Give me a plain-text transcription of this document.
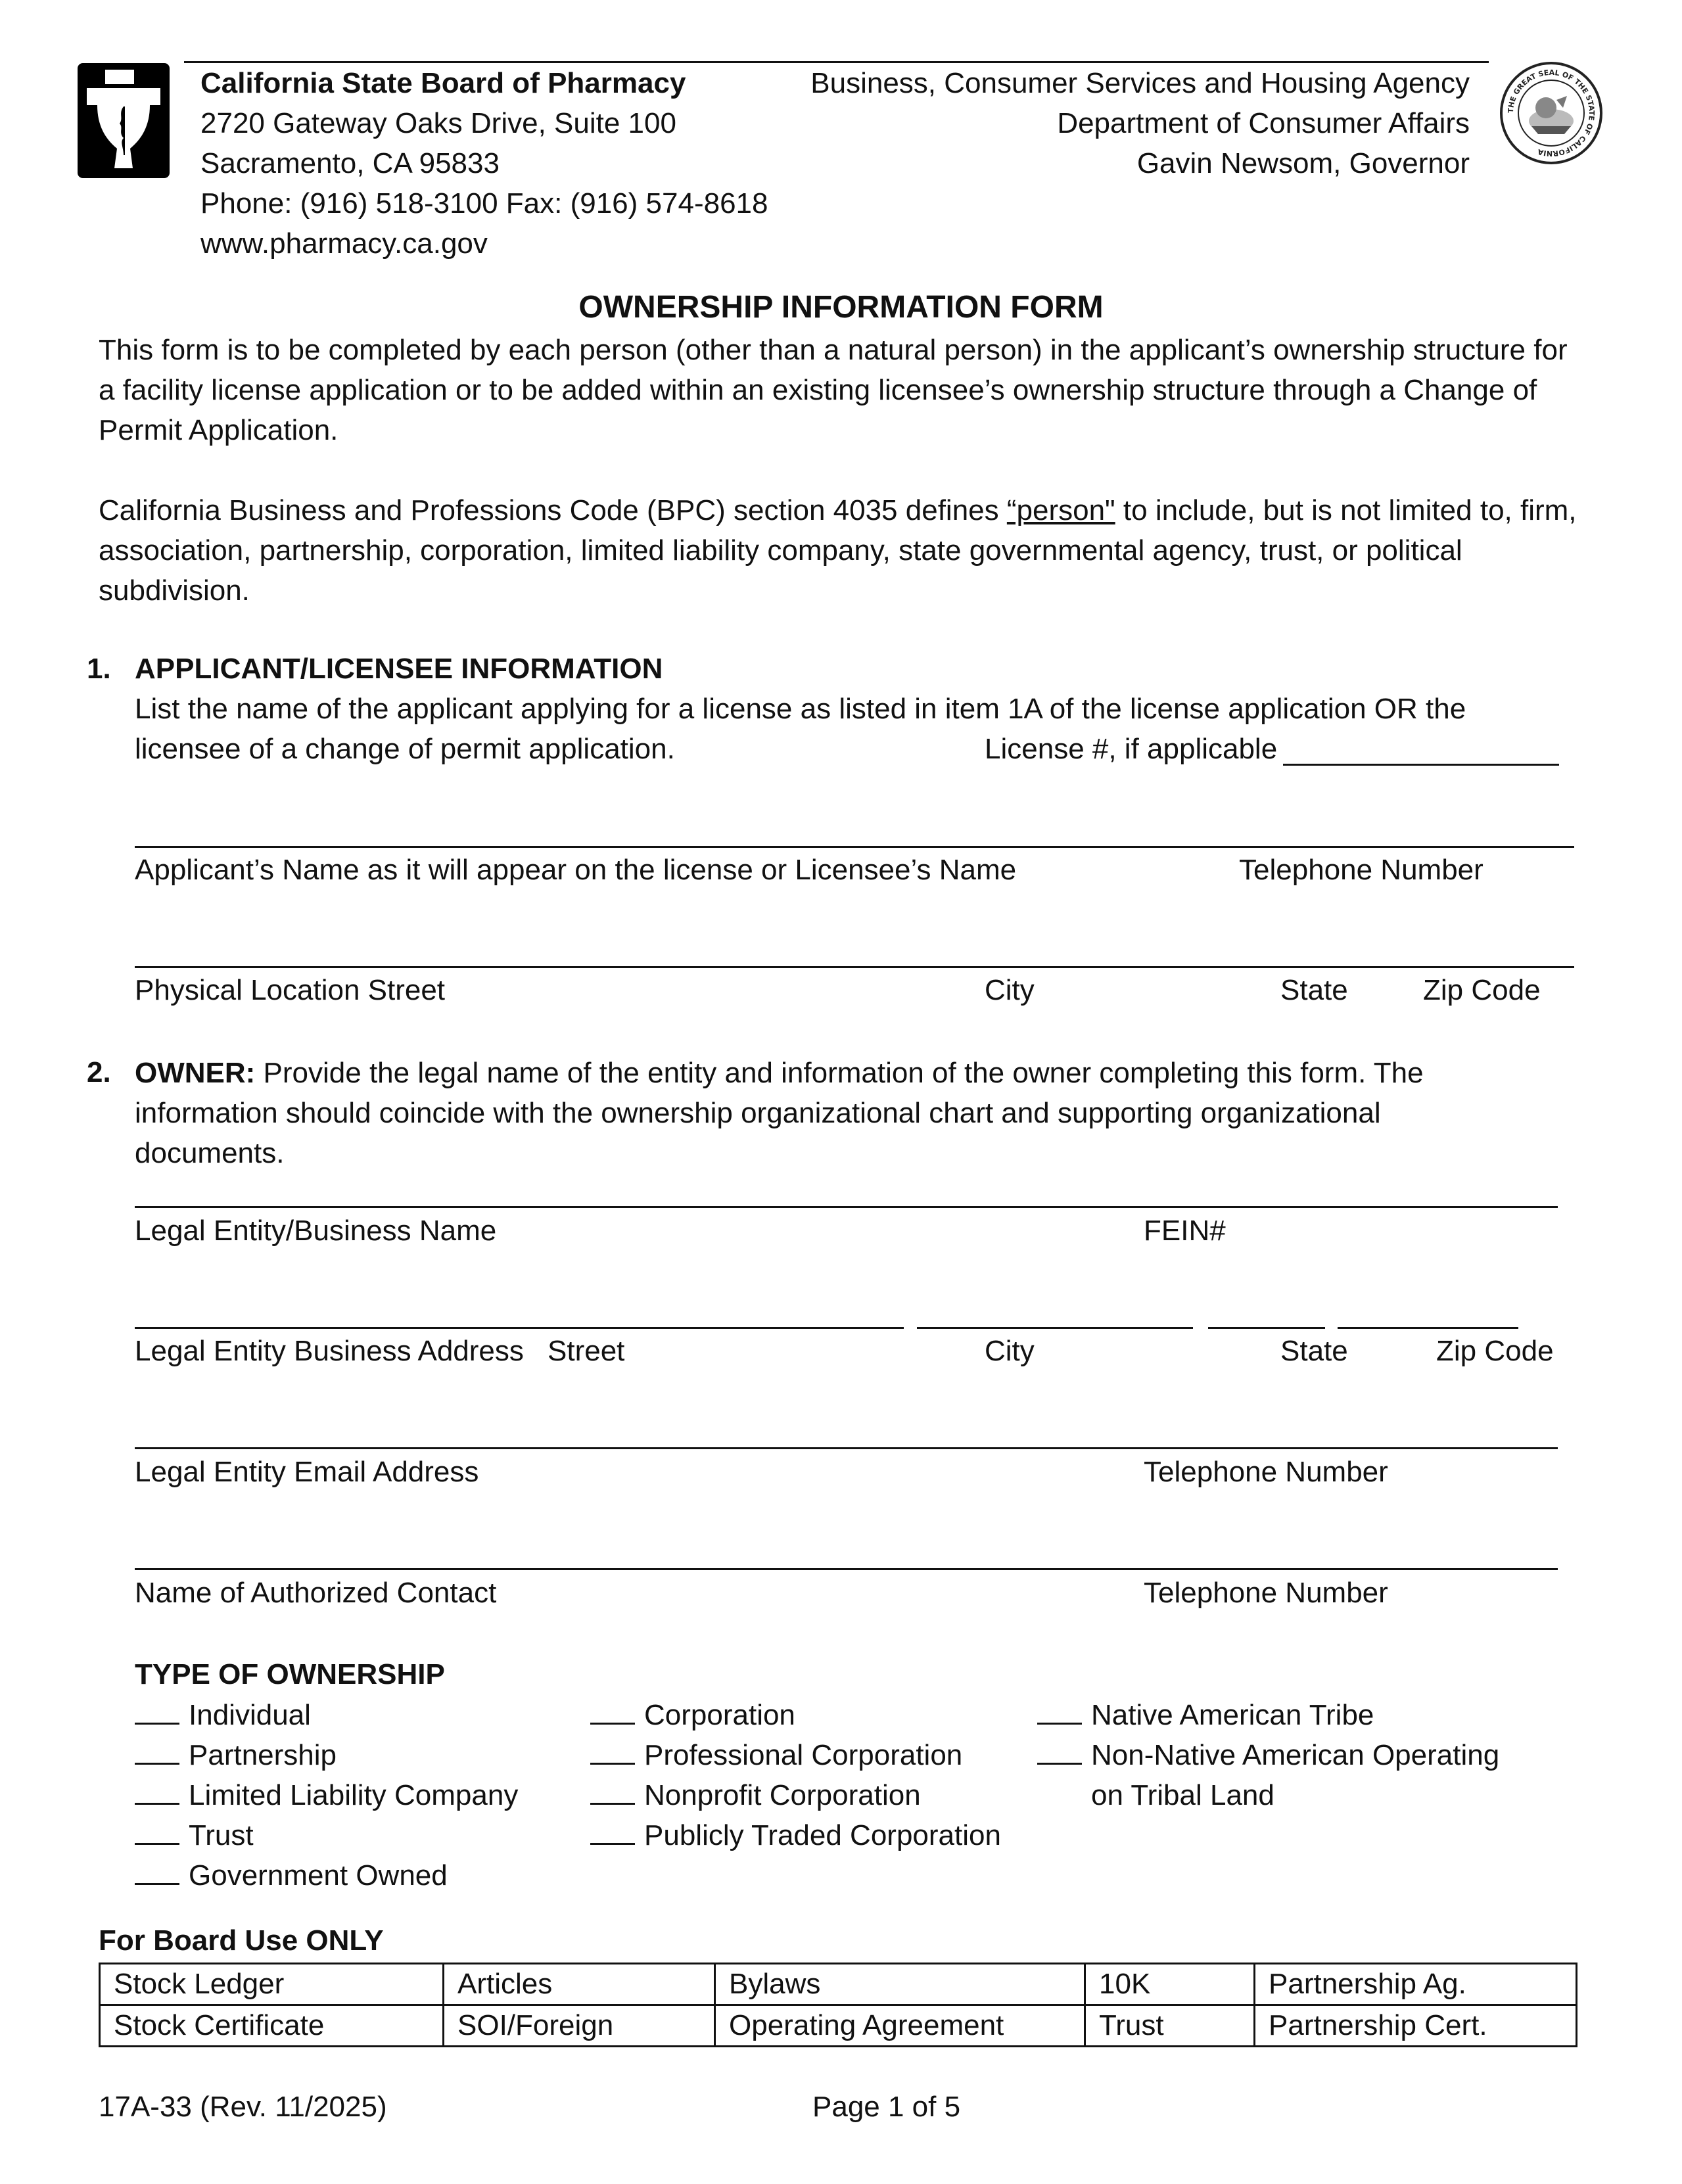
California State Board of Pharmacy
2720 Gateway Oaks Drive, Suite 100
Sacramento, CA 95833
Phone: (916) 518-3100 Fax: (916) 574-8618
www.pharmacy.ca.gov
Business, Consumer Services and Housing Agency
Department of Consumer Affairs
Gavin Newsom, Governor
THE GREAT SEAL OF THE STATE OF CALIFORNIA
OWNERSHIP INFORMATION FORM
This form is to be completed by each person (other than a natural person) in the applicant’s ownership structure for a facility license application or to be added within an existing licensee’s ownership structure through a Change of Permit Application.
California Business and Professions Code (BPC) section 4035 defines “person" to include, but is not limited to, firm, association, partnership, corporation, limited liability company, state governmental agency, trust, or political subdivision.
1. APPLICANT/LICENSEE INFORMATION
List the name of the applicant applying for a license as listed in item 1A of the license application OR the
licensee of a change of permit application.	License #, if applicable
Applicant’s Name as it will appear on the license or Licensee’s Name	Telephone Number
Physical Location Street	City	State	Zip Code
2. OWNER: Provide the legal name of the entity and information of the owner completing this form. The information should coincide with the ownership organizational chart and supporting organizational documents.
Legal Entity/Business Name	FEIN#
Legal Entity Business Address Street	City	State	Zip Code
Legal Entity Email Address	Telephone Number
Name of Authorized Contact	Telephone Number
TYPE OF OWNERSHIP
Individual
Partnership
Limited Liability Company
Trust
Government Owned
Corporation
Professional Corporation
Nonprofit Corporation
Publicly Traded Corporation
Native American Tribe
Non-Native American Operating
on Tribal Land
For Board Use ONLY
Stock Ledger	Articles	Bylaws	10K	Partnership Ag.
Stock Certificate	SOI/Foreign	Operating Agreement	Trust	Partnership Cert.
17A-33 (Rev. 11/2025)	Page 1 of 5
